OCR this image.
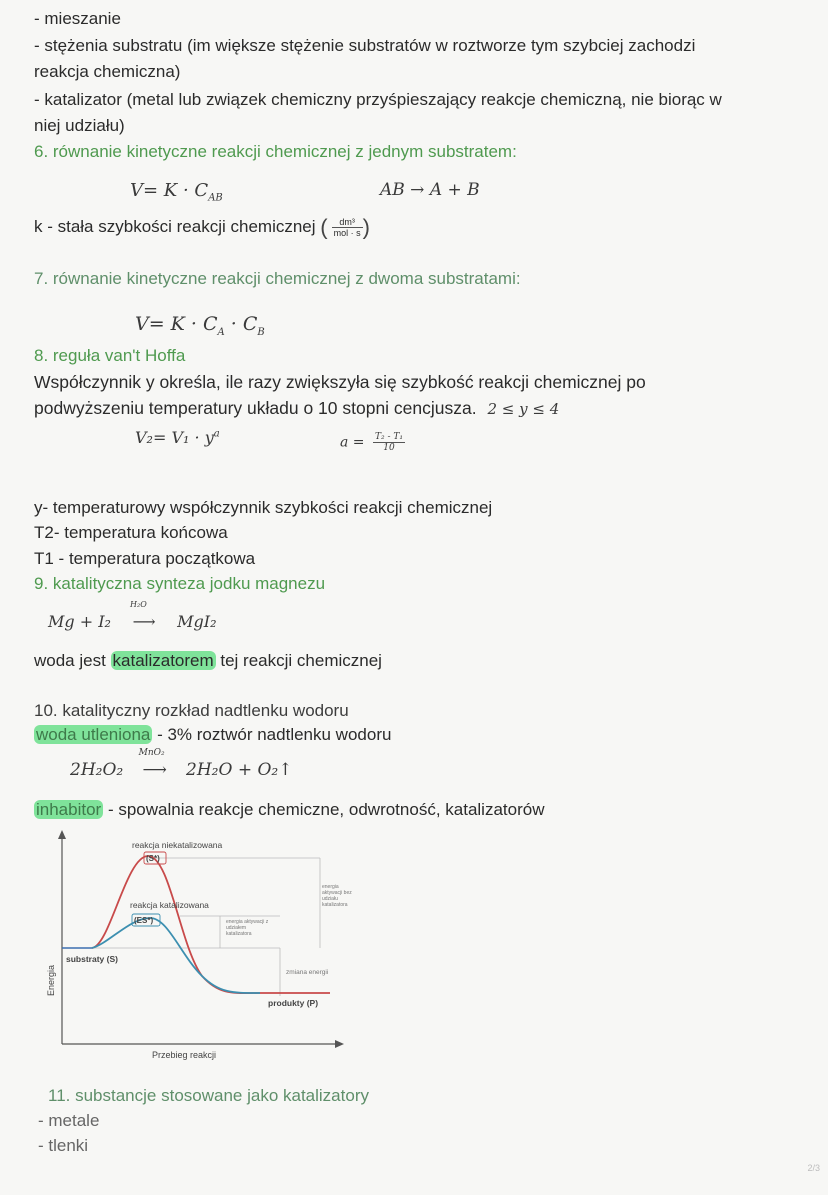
- mieszanie
- stężenia substratu (im większe stężenie substratów w roztworze tym szybciej zachodzi
reakcja chemiczna)
- katalizator (metal lub związek chemiczny przyśpieszający reakcje chemiczną, nie biorąc w
niej udziału)
6. równanie kinetyczne reakcji chemicznej z jednym substratem:
$V= K \cdot C_{AB}$	AB → A + B
k - stała szybkości reakcji chemicznej ( $\frac{\text{dm³}}{\text{mol · s}}$ )
7. równanie kinetyczne reakcji chemicznej z dwoma substratami:
$V= K \cdot C_A \cdot C_B$
8. reguła van't Hoffa
Współczynnik y określa, ile razy zwiększyła się szybkość reakcji chemicznej po
podwyższeniu temperatury układu o 10 stopni cencjusza. 2 ≤ y ≤ 4
$V_2= V_1 \cdot y^a$
$a = \frac{\text{T₂ - T₁}}{10}$
y- temperaturowy współczynnik szybkości reakcji chemicznej
T2- temperatura końcowa
T1 - temperatura początkowa
9. katalityczna synteza jodku magnezu
Mg + I₂
H₂O
⟶ MgI₂
woda jest katalizatorem tej reakcji chemicznej
10. katalityczny rozkład nadtlenku wodoru
woda utleniona - 3% roztwór nadtlenku wodoru
2H₂O₂
MnO₂
⟶ 2H₂O + O₂↑
inhabitor - spowalnia reakcje chemiczne, odwrotność, katalizatorów
Energia
Przebieg reakcji
reakcja niekatalizowana
(S*)
reakcja katalizowana
(ES*)
substraty (S)
produkty (P)
zmiana energii
energia aktywacji z
udziałem
katalizatora
energia
aktywacji bez
udziału
katalizatora
11. substancje stosowane jako katalizatory
- metale
- tlenki
2/3
